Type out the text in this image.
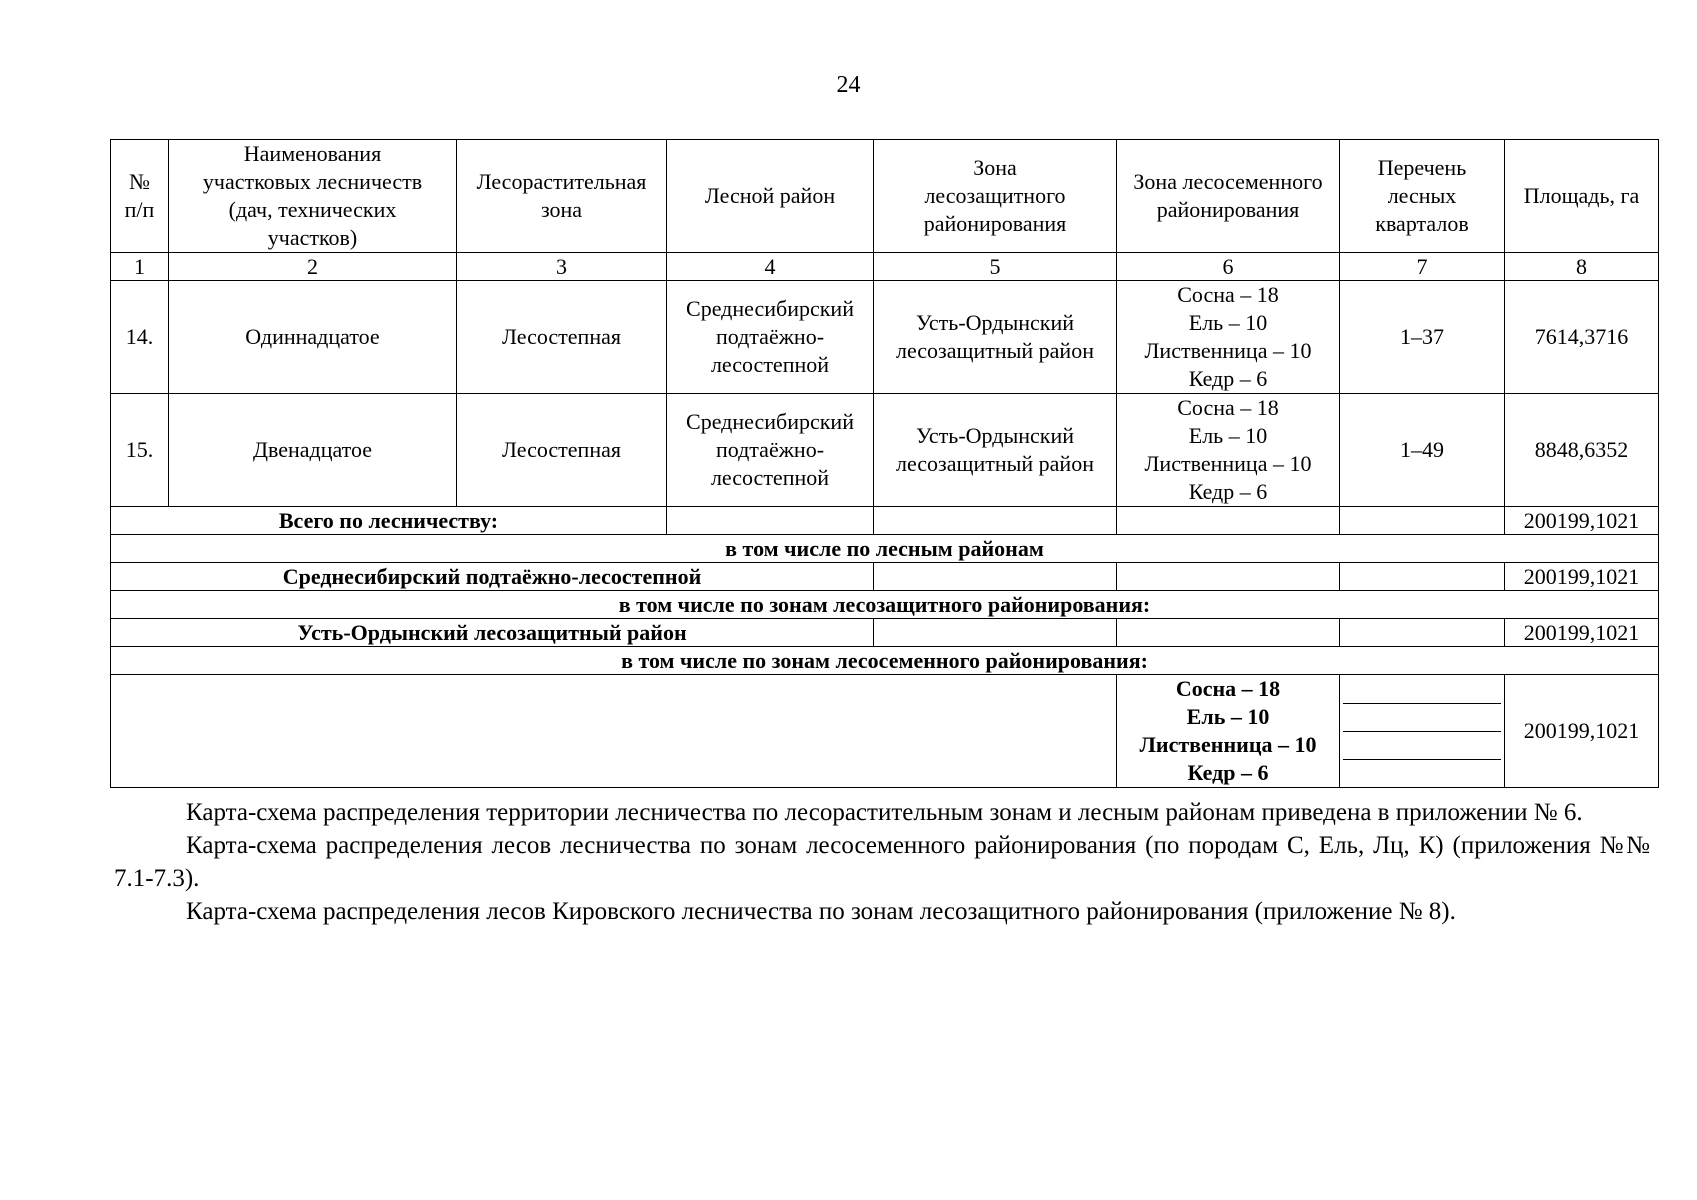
24
№
п/п	Наименования
участковых лесничеств
(дач, технических
участков)	Лесорастительная
зона	Лесной район	Зона
лесозащитного
районирования	Зона лесосеменного
районирования	Перечень
лесных
кварталов	Площадь, га
1	2	3	4	5	6	7	8
14.	Одиннадцатое	Лесостепная	Среднесибирский
подтаёжно-
лесостепной	Усть-Ордынский
лесозащитный район	Сосна – 18
Ель – 10
Лиственница – 10
Кедр – 6	1–37	7614,3716
15.	Двенадцатое	Лесостепная	Среднесибирский
подтаёжно-
лесостепной	Усть-Ордынский
лесозащитный район	Сосна – 18
Ель – 10
Лиственница – 10
Кедр – 6	1–49	8848,6352
Всего по лесничеству:							200199,1021
в том числе по лесным районам							
Среднесибирский подтаёжно-лесостепной							200199,1021
в том числе по зонам лесозащитного районирования:							
Усть-Ордынский лесозащитный район							200199,1021
в том числе по зонам лесосеменного районирования:							

					Сосна – 18
Ель – 10
Лиственница – 10
Кедр – 6		200199,1021

Карта-схема распределения территории лесничества по лесорастительным зонам и лесным районам приведена в приложении № 6.

Карта-схема распределения лесов лесничества по зонам лесосеменного районирования (по породам С, Ель, Лц, К) (приложения №№ 7.1-7.3).

Карта-схема распределения лесов Кировского лесничества по зонам лесозащитного районирования (приложение № 8).
